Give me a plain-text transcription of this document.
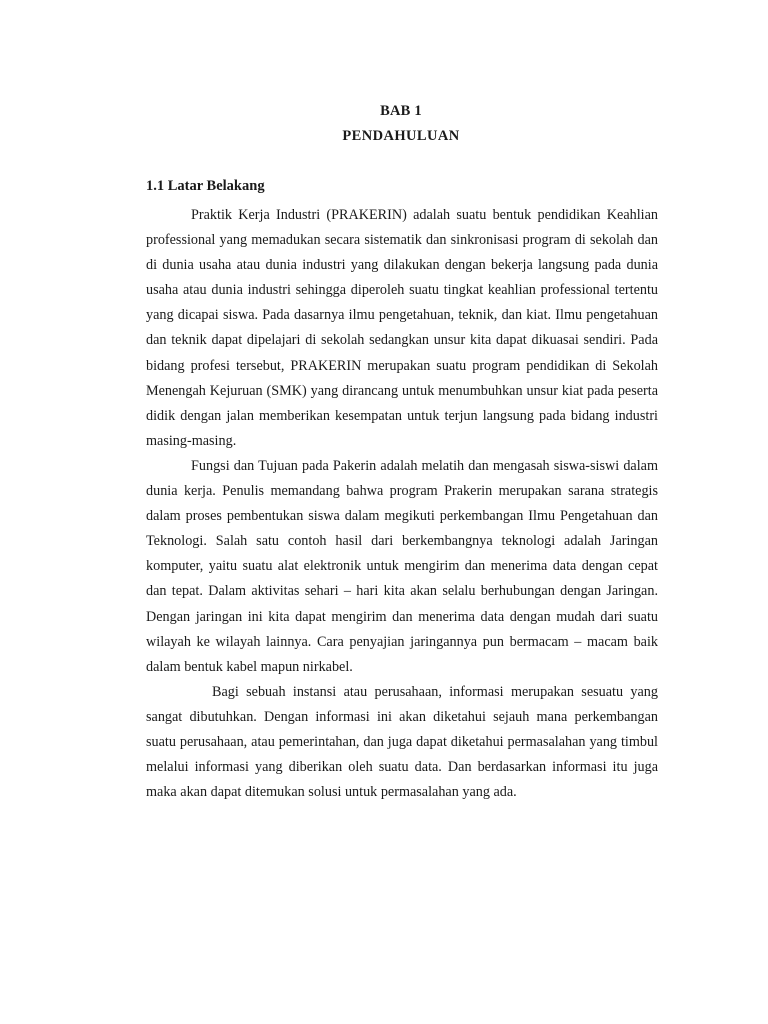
BAB 1
PENDAHULUAN
1.1 Latar Belakang

Praktik Kerja Industri (PRAKERIN) adalah suatu bentuk pendidikan Keahlian professional yang memadukan secara sistematik dan sinkronisasi program di sekolah dan di dunia usaha atau dunia industri yang dilakukan dengan bekerja langsung pada dunia usaha atau dunia industri sehingga diperoleh suatu tingkat keahlian professional tertentu yang dicapai siswa. Pada dasarnya ilmu pengetahuan, teknik, dan kiat. Ilmu pengetahuan dan teknik dapat dipelajari di sekolah sedangkan unsur kita dapat dikuasai sendiri. Pada bidang profesi tersebut, PRAKERIN merupakan suatu program pendidikan di Sekolah Menengah Kejuruan (SMK) yang dirancang untuk menumbuhkan unsur kiat pada peserta didik dengan jalan memberikan kesempatan untuk terjun langsung pada bidang industri masing-masing.

Fungsi dan Tujuan pada Pakerin adalah melatih dan mengasah siswa-siswi dalam dunia kerja. Penulis memandang bahwa program Prakerin merupakan sarana strategis dalam proses pembentukan siswa dalam megikuti perkembangan Ilmu Pengetahuan dan Teknologi. Salah satu contoh hasil dari berkembangnya teknologi adalah Jaringan komputer, yaitu suatu alat elektronik untuk mengirim dan menerima data dengan cepat dan tepat. Dalam aktivitas sehari – hari kita akan selalu berhubungan dengan Jaringan. Dengan jaringan ini kita dapat mengirim dan menerima data dengan mudah dari suatu wilayah ke wilayah lainnya. Cara penyajian jaringannya pun bermacam – macam baik dalam bentuk kabel mapun nirkabel.

Bagi sebuah instansi atau perusahaan, informasi merupakan sesuatu yang sangat dibutuhkan. Dengan informasi ini akan diketahui sejauh mana perkembangan suatu perusahaan, atau pemerintahan, dan juga dapat diketahui permasalahan yang timbul melalui informasi yang diberikan oleh suatu data. Dan berdasarkan informasi itu juga maka akan dapat ditemukan solusi untuk permasalahan yang ada.
